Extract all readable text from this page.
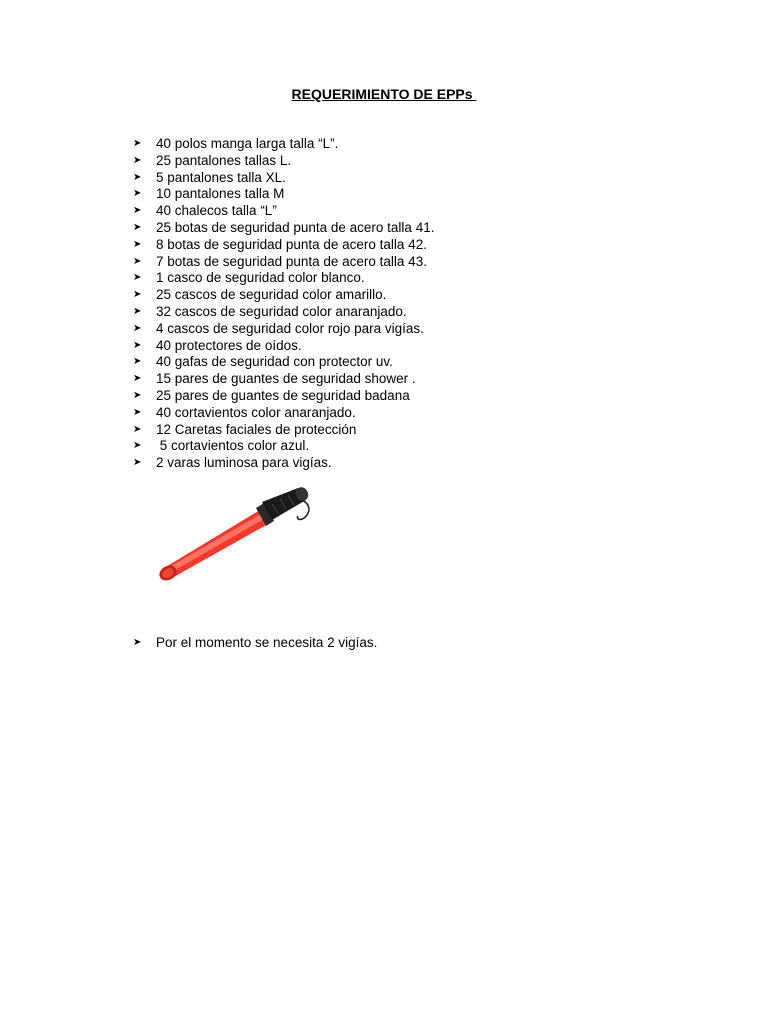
REQUERIMIENTO DE EPPs
➤
40 polos manga larga talla “L”.
➤
25 pantalones tallas L.
➤
5 pantalones talla XL.
➤
10 pantalones talla M
➤
40 chalecos talla “L”
➤
25 botas de seguridad punta de acero talla 41.
➤
8 botas de seguridad punta de acero talla 42.
➤
7 botas de seguridad punta de acero talla 43.
➤
1 casco de seguridad color blanco.
➤
25 cascos de seguridad color amarillo.
➤
32 cascos de seguridad color anaranjado.
➤
4 cascos de seguridad color rojo para vigías.
➤
40 protectores de oídos.
➤
40 gafas de seguridad con protector uv.
➤
15 pares de guantes de seguridad shower .
➤
25 pares de guantes de seguridad badana
➤
40 cortavientos color anaranjado.
➤
12 Caretas faciales de protección
➤
5 cortavientos color azul.
➤
2 varas luminosa para vigías.
➤
Por el momento se necesita 2 vigías.
